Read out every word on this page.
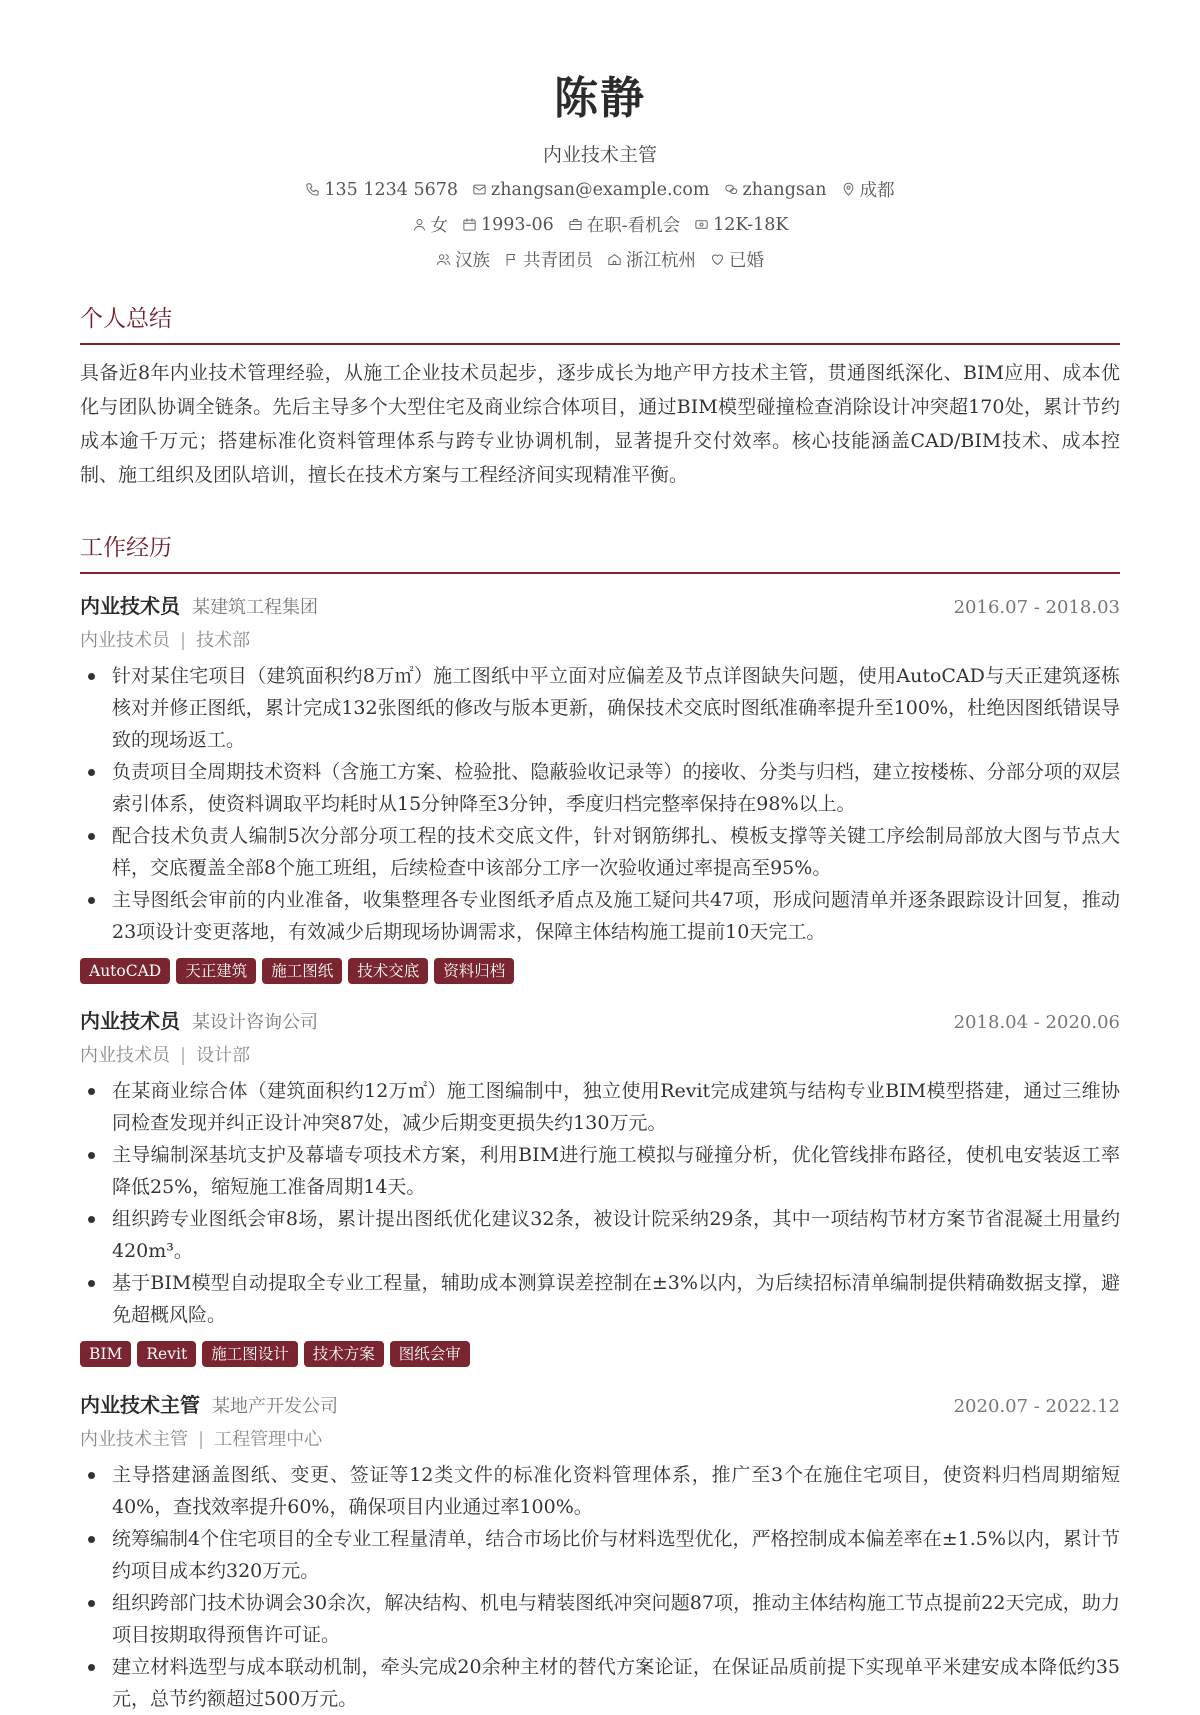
陈静
内业技术主管
135 1234 5678 zhangsan@example.com zhangsan 成都
女 1993-06 在职-看机会 12K-18K
汉族 共青团员 浙江杭州 已婚
个人总结
具备近8年内业技术管理经验，从施工企业技术员起步，逐步成长为地产甲方技术主管，贯通图纸深化、BIM应用、成本优化与团队协调全链条。先后主导多个大型住宅及商业综合体项目，通过BIM模型碰撞检查消除设计冲突超170处，累计节约成本逾千万元；搭建标准化资料管理体系与跨专业协调机制，显著提升交付效率。核心技能涵盖CAD/BIM技术、成本控制、施工组织及团队培训，擅长在技术方案与工程经济间实现精准平衡。
工作经历
内业技术员 某建筑工程集团	2016.07 - 2018.03
内业技术员 | 技术部
针对某住宅项目（建筑面积约8万㎡）施工图纸中平立面对应偏差及节点详图缺失问题，使用AutoCAD与天正建筑逐栋核对并修正图纸，累计完成132张图纸的修改与版本更新，确保技术交底时图纸准确率提升至100%，杜绝因图纸错误导致的现场返工。
负责项目全周期技术资料（含施工方案、检验批、隐蔽验收记录等）的接收、分类与归档，建立按楼栋、分部分项的双层索引体系，使资料调取平均耗时从15分钟降至3分钟，季度归档完整率保持在98%以上。
配合技术负责人编制5次分部分项工程的技术交底文件，针对钢筋绑扎、模板支撑等关键工序绘制局部放大图与节点大样，交底覆盖全部8个施工班组，后续检查中该部分工序一次验收通过率提高至95%。
主导图纸会审前的内业准备，收集整理各专业图纸矛盾点及施工疑问共47项，形成问题清单并逐条跟踪设计回复，推动23项设计变更落地，有效减少后期现场协调需求，保障主体结构施工提前10天完工。
AutoCAD	天正建筑	施工图纸	技术交底	资料归档
内业技术员 某设计咨询公司	2018.04 - 2020.06
内业技术员 | 设计部
在某商业综合体（建筑面积约12万㎡）施工图编制中，独立使用Revit完成建筑与结构专业BIM模型搭建，通过三维协同检查发现并纠正设计冲突87处，减少后期变更损失约130万元。
主导编制深基坑支护及幕墙专项技术方案，利用BIM进行施工模拟与碰撞分析，优化管线排布路径，使机电安装返工率降低25%，缩短施工准备周期14天。
组织跨专业图纸会审8场，累计提出图纸优化建议32条，被设计院采纳29条，其中一项结构节材方案节省混凝土用量约420m³。
基于BIM模型自动提取全专业工程量，辅助成本测算误差控制在±3%以内，为后续招标清单编制提供精确数据支撑，避免超概风险。
BIM	Revit	施工图设计	技术方案	图纸会审
内业技术主管 某地产开发公司	2020.07 - 2022.12
内业技术主管 | 工程管理中心
主导搭建涵盖图纸、变更、签证等12类文件的标准化资料管理体系，推广至3个在施住宅项目，使资料归档周期缩短40%，查找效率提升60%，确保项目内业通过率100%。
统筹编制4个住宅项目的全专业工程量清单，结合市场比价与材料选型优化，严格控制成本偏差率在±1.5%以内，累计节约项目成本约320万元。
组织跨部门技术协调会30余次，解决结构、机电与精装图纸冲突问题87项，推动主体结构施工节点提前22天完成，助力项目按期取得预售许可证。
建立材料选型与成本联动机制，牵头完成20余种主材的替代方案论证，在保证品质前提下实现单平米建安成本降低约35元，总节约额超过500万元。
